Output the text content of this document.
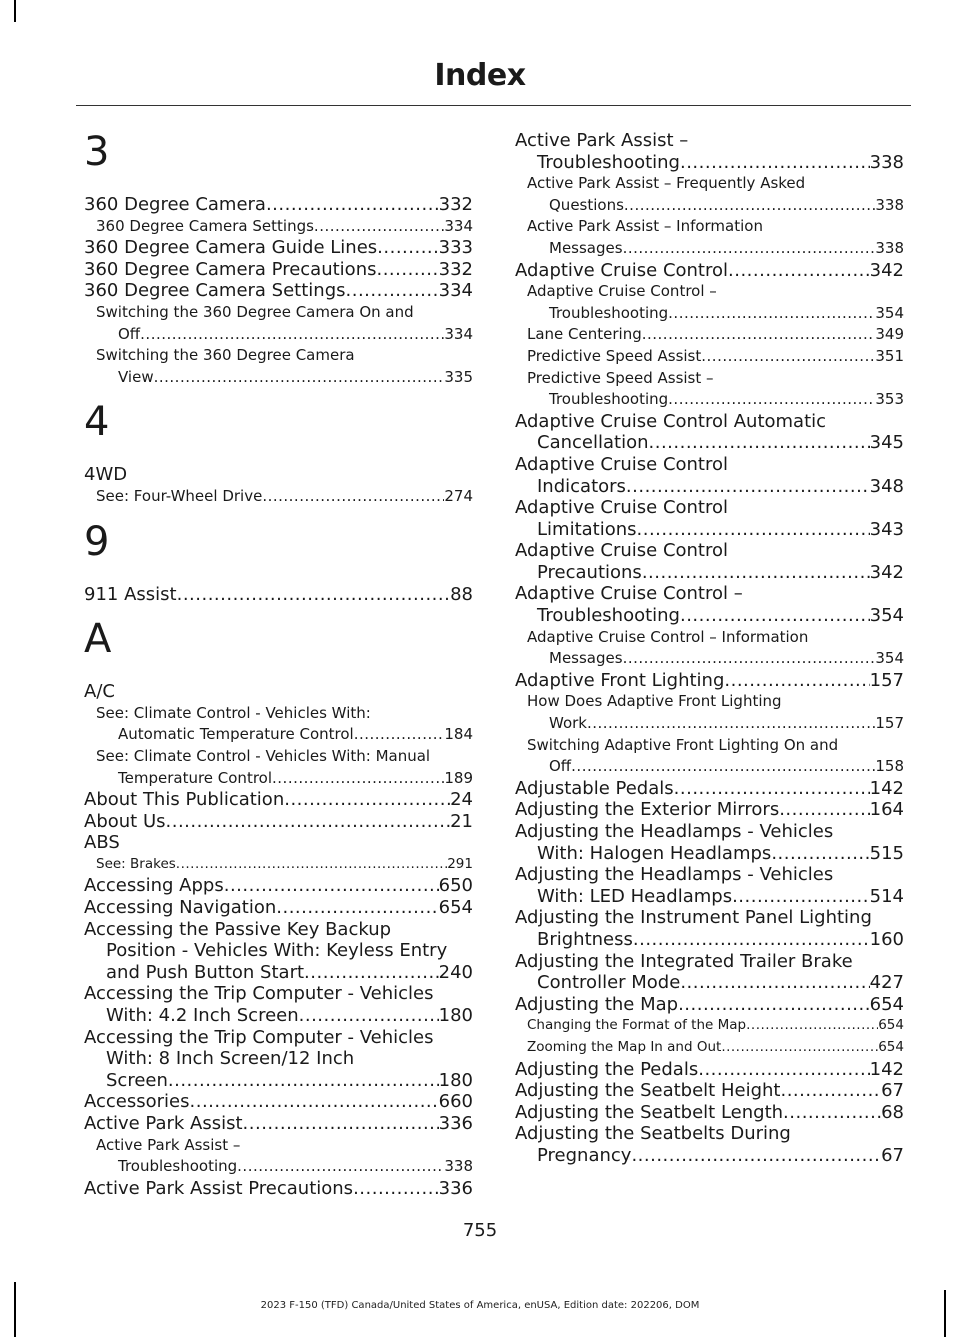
Index
3
360 Degree Camera .....	332
360 Degree Camera Settings .....	334
360 Degree Camera Guide Lines .....	333
360 Degree Camera Precautions .....	332
360 Degree Camera Settings .....	334
Switching the 360 Degree Camera On and
Off .....	334
Switching the 360 Degree Camera
View .....	335
4
4WD
See: Four-Wheel Drive .....	274
9
911 Assist .....	88
A
A/C
See: Climate Control - Vehicles With:
Automatic Temperature Control .....	184
See: Climate Control - Vehicles With: Manual
Temperature Control .....	189
About This Publication .....	24
About Us .....	21
ABS
See: Brakes .....	291
Accessing Apps .....	650
Accessing Navigation .....	654
Accessing the Passive Key Backup
Position - Vehicles With: Keyless Entry
and Push Button Start .....	240
Accessing the Trip Computer - Vehicles
With: 4.2 Inch Screen .....	180
Accessing the Trip Computer - Vehicles
With: 8 Inch Screen/12 Inch
Screen .....	180
Accessories .....	660
Active Park Assist .....	336
Active Park Assist –
Troubleshooting .....	338
Active Park Assist Precautions .....	336
Active Park Assist –
Troubleshooting .....	338
Active Park Assist – Frequently Asked
Questions .....	338
Active Park Assist – Information
Messages .....	338
Adaptive Cruise Control .....	342
Adaptive Cruise Control –
Troubleshooting .....	354
Lane Centering .....	349
Predictive Speed Assist .....	351
Predictive Speed Assist –
Troubleshooting .....	353
Adaptive Cruise Control Automatic
Cancellation .....	345
Adaptive Cruise Control
Indicators .....	348
Adaptive Cruise Control
Limitations .....	343
Adaptive Cruise Control
Precautions .....	342
Adaptive Cruise Control –
Troubleshooting .....	354
Adaptive Cruise Control – Information
Messages .....	354
Adaptive Front Lighting .....	157
How Does Adaptive Front Lighting
Work .....	157
Switching Adaptive Front Lighting On and
Off .....	158
Adjustable Pedals .....	142
Adjusting the Exterior Mirrors .....	164
Adjusting the Headlamps - Vehicles
With: Halogen Headlamps .....	515
Adjusting the Headlamps - Vehicles
With: LED Headlamps .....	514
Adjusting the Instrument Panel Lighting
Brightness .....	160
Adjusting the Integrated Trailer Brake
Controller Mode .....	427
Adjusting the Map .....	654
Changing the Format of the Map .....	654
Zooming the Map In and Out .....	654
Adjusting the Pedals .....	142
Adjusting the Seatbelt Height .....	67
Adjusting the Seatbelt Length .....	68
Adjusting the Seatbelts During
Pregnancy .....	67
755
2023 F-150 (TFD) Canada/United States of America, enUSA, Edition date: 202206, DOM
